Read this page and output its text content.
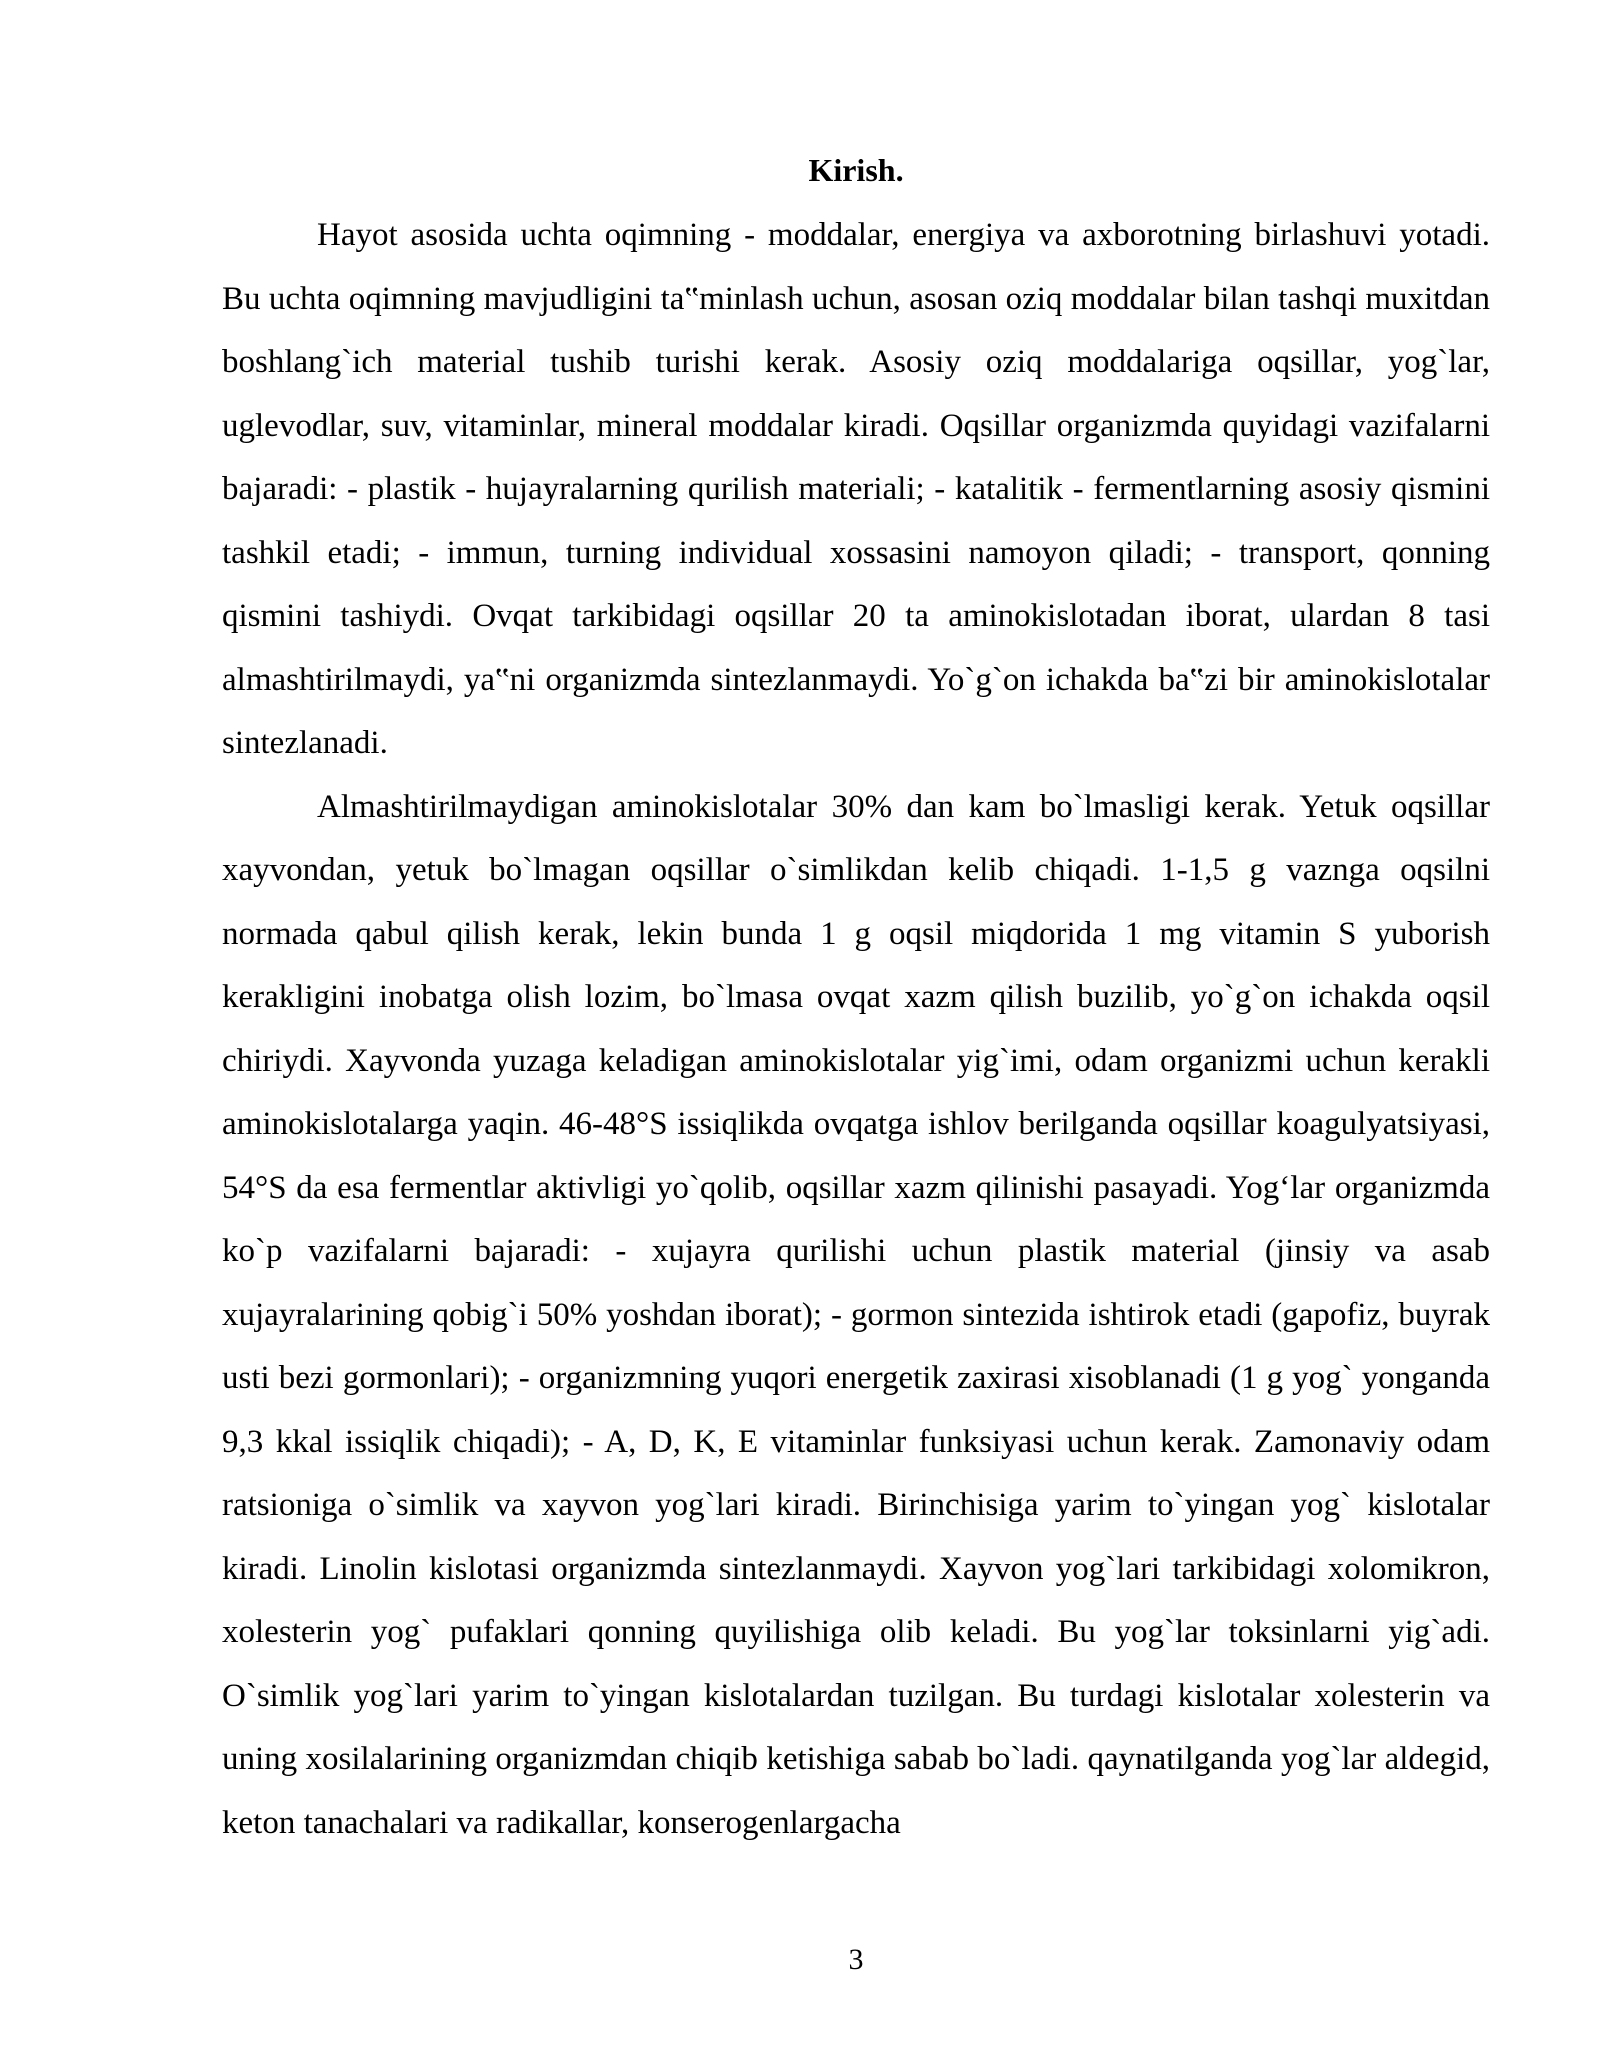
Kirish.

Hayot asosida uchta oqimning - moddalar, energiya va axborotning birlashuvi yotadi. Bu uchta oqimning mavjudligini ta‟minlash uchun, asosan oziq moddalar bilan tashqi muxitdan boshlang`ich material tushib turishi kerak. Asosiy oziq moddalariga oqsillar, yog`lar, uglevodlar, suv, vitaminlar, mineral moddalar kiradi. Oqsillar organizmda quyidagi vazifalarni bajaradi: - plastik - hujayralarning qurilish materiali; - katalitik - fermentlarning asosiy qismini tashkil etadi; - immun, turning individual xossasini namoyon qiladi; - transport, qonning qismini tashiydi. Ovqat tarkibidagi oqsillar 20 ta aminokislotadan iborat, ulardan 8 tasi almashtirilmaydi, ya‟ni organizmda sintezlanmaydi. Yo`g`on ichakda ba‟zi bir aminokislotalar sintezlanadi.

Almashtirilmaydigan aminokislotalar 30% dan kam bo`lmasligi kerak. Yetuk oqsillar xayvondan, yetuk bo`lmagan oqsillar o`simlikdan kelib chiqadi. 1-1,5 g vaznga oqsilni normada qabul qilish kerak, lekin bunda 1 g oqsil miqdorida 1 mg vitamin S yuborish kerakligini inobatga olish lozim, bo`lmasa ovqat xazm qilish buzilib, yo`g`on ichakda oqsil chiriydi. Xayvonda yuzaga keladigan aminokislotalar yig`imi, odam organizmi uchun kerakli aminokislotalarga yaqin. 46-48°S issiqlikda ovqatga ishlov berilganda oqsillar koagulyatsiyasi, 54°S da esa fermentlar aktivligi yo`qolib, oqsillar xazm qilinishi pasayadi. Yog‘lar organizmda ko`p vazifalarni bajaradi: - xujayra qurilishi uchun plastik material (jinsiy va asab xujayralarining qobig`i 50% yoshdan iborat); - gormon sintezida ishtirok etadi (gapofiz, buyrak usti bezi gormonlari); - organizmning yuqori energetik zaxirasi xisoblanadi (1 g yog` yonganda 9,3 kkal issiqlik chiqadi); - A, D, K, E vitaminlar funksiyasi uchun kerak. Zamonaviy odam ratsioniga o`simlik va xayvon yog`lari kiradi. Birinchisiga yarim to`yingan yog` kislotalar kiradi. Linolin kislotasi organizmda sintezlanmaydi. Xayvon yog`lari tarkibidagi xolomikron, xolesterin yog` pufaklari qonning quyilishiga olib keladi. Bu yog`lar toksinlarni yig`adi. O`simlik yog`lari yarim to`yingan kislotalardan tuzilgan. Bu turdagi kislotalar xolesterin va uning xosilalarining organizmdan chiqib ketishiga sabab bo`ladi. qaynatilganda yog`lar aldegid, keton tanachalari va radikallar, konserogenlargacha

3
